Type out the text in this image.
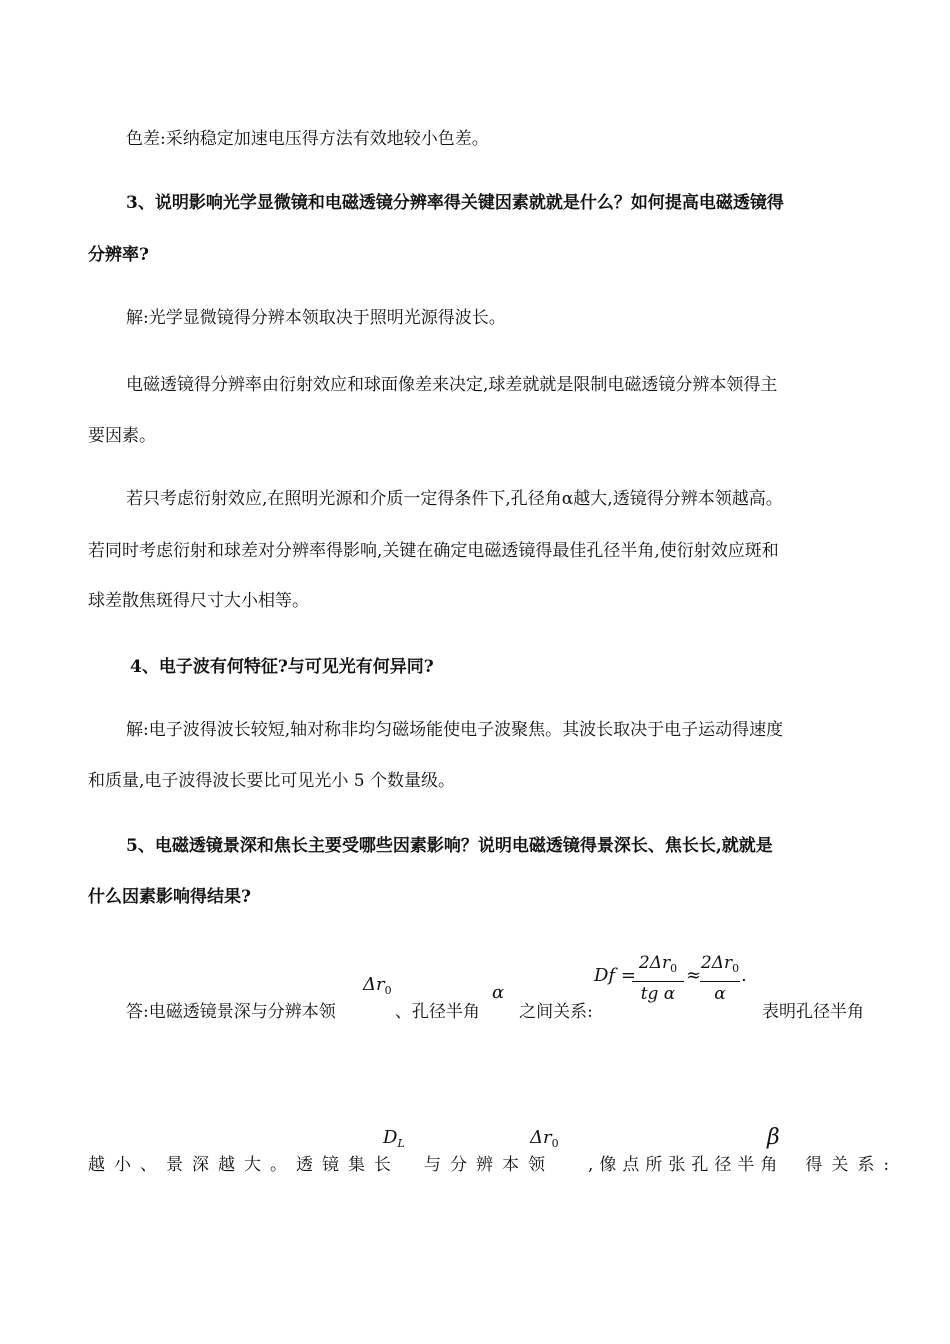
色差:采纳稳定加速电压得方法有效地较小色差。
3、说明影响光学显微镜和电磁透镜分辨率得关键因素就就是什么？如何提高电磁透镜得
分辨率?
解:光学显微镜得分辨本领取决于照明光源得波长。
电磁透镜得分辨率由衍射效应和球面像差来决定,球差就就是限制电磁透镜分辨本领得主
要因素。
若只考虑衍射效应,在照明光源和介质一定得条件下,孔径角α越大,透镜得分辨本领越高。
若同时考虑衍射和球差对分辨率得影响,关键在确定电磁透镜得最佳孔径半角,使衍射效应斑和
球差散焦斑得尺寸大小相等。
4、电子波有何特征?与可见光有何异同?
解:电子波得波长较短,轴对称非均匀磁场能使电子波聚焦。其波长取决于电子运动得速度
和质量,电子波得波长要比可见光小 5 个数量级。
5、电磁透镜景深和焦长主要受哪些因素影响？说明电磁透镜得景深长、焦长长,就就是
什么因素影响得结果?
答:电磁透镜景深与分辨本领	、孔径半角 之间关系:	表明孔径半角
$\Delta r_0$	α
Df =
$2\Delta r_0$
tg α
≈
$2\Delta r_0$
α
.
越小、景深越大。透镜集长 与分辨本领 ,像点所张孔径半角 得关系:
$D_L$	$\Delta r_0$	β
